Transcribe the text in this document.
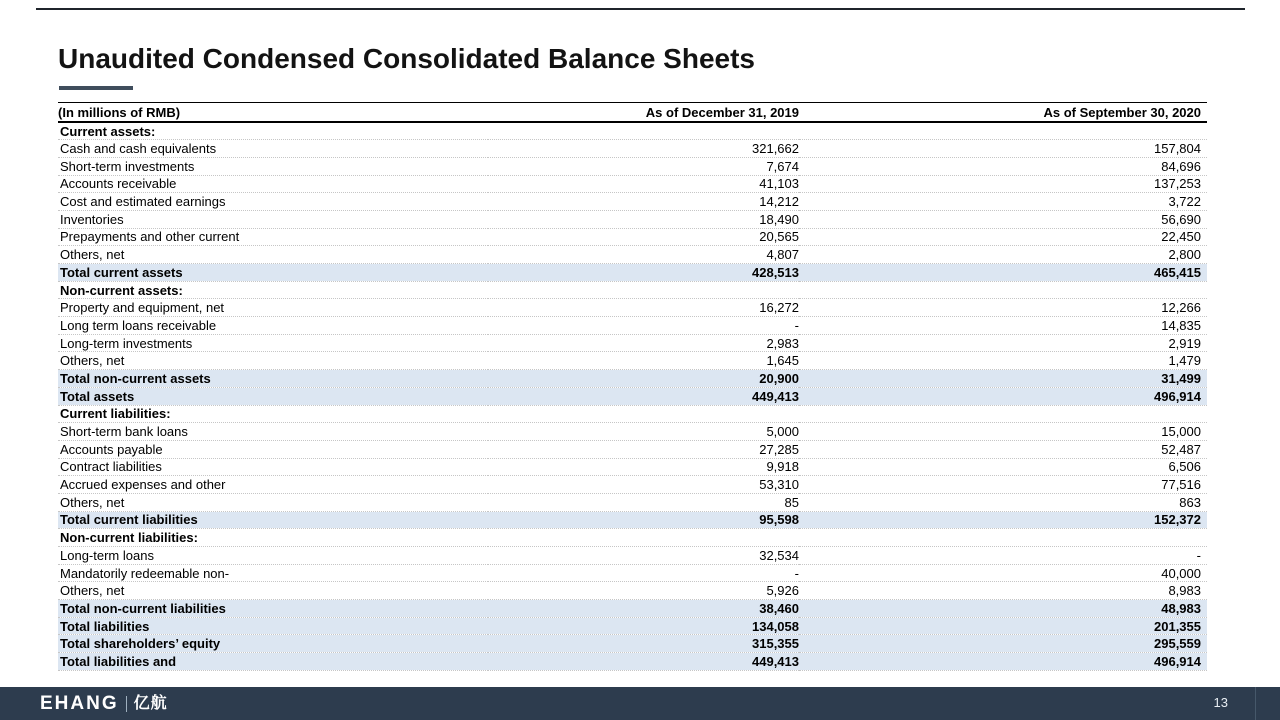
Unaudited Condensed Consolidated Balance Sheets
(In millions of RMB)	As of December 31, 2019	As of September 30, 2020
Current assets:		
Cash and cash equivalents	321,662	157,804
Short-term investments	7,674	84,696
Accounts receivable	41,103	137,253
Cost and estimated earnings	14,212	3,722
Inventories	18,490	56,690
Prepayments and other current	20,565	22,450
Others, net	4,807	2,800
Total current assets	428,513	465,415
Non-current assets:		
Property and equipment, net	16,272	12,266
Long term loans receivable	-	14,835
Long-term investments	2,983	2,919
Others, net	1,645	1,479
Total non-current assets	20,900	31,499
Total assets	449,413	496,914
Current liabilities:		
Short-term bank loans	5,000	15,000
Accounts payable	27,285	52,487
Contract liabilities	9,918	6,506
Accrued expenses and other	53,310	77,516
Others, net	85	863
Total current liabilities	95,598	152,372
Non-current liabilities:		
Long-term loans	32,534	-
Mandatorily redeemable non-	-	40,000
Others, net	5,926	8,983
Total non-current liabilities	38,460	48,983
Total liabilities	134,058	201,355
Total shareholders’ equity	315,355	295,559
Total liabilities and	449,413	496,914
EHANG 亿航	13
